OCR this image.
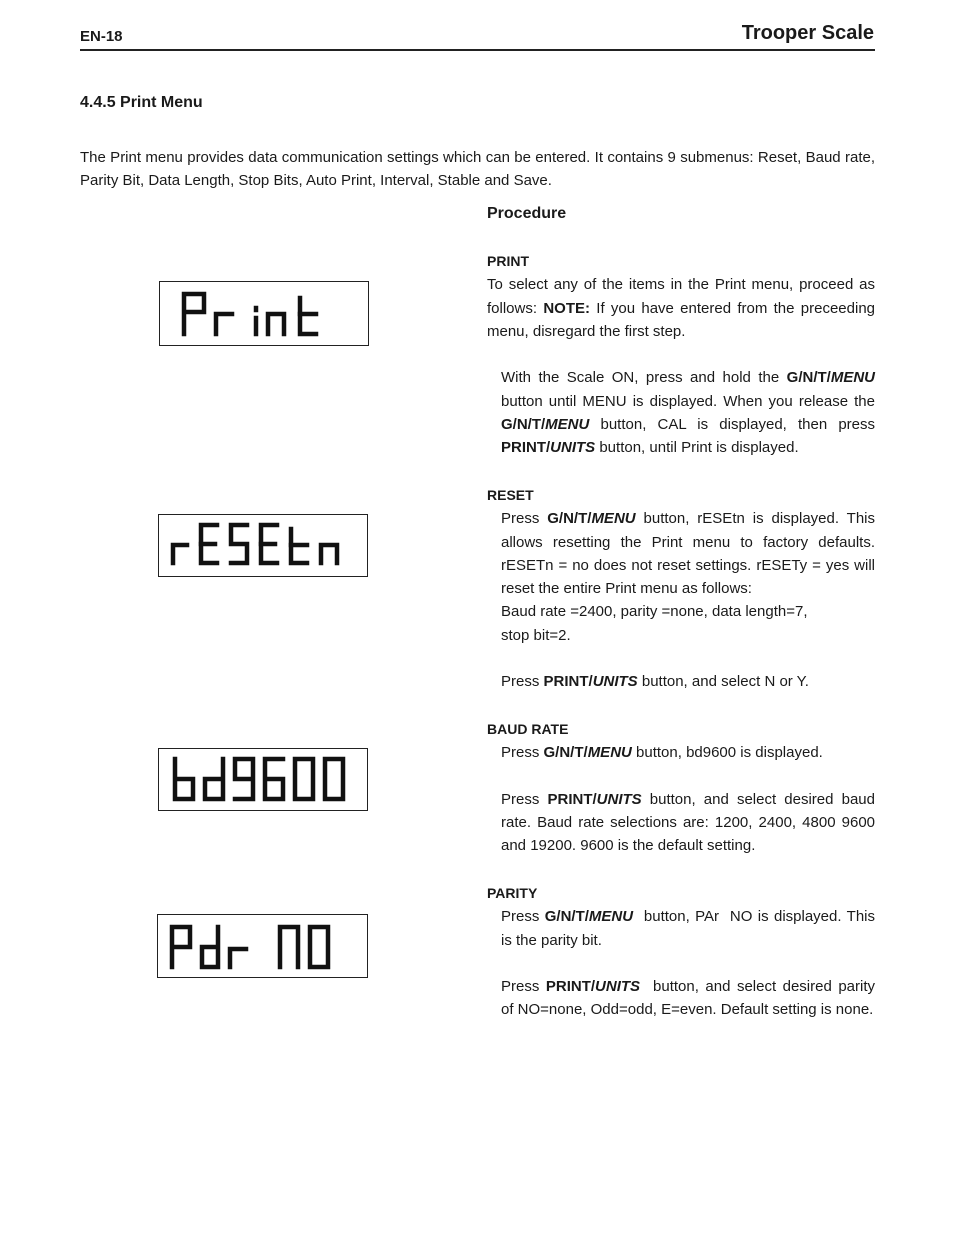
EN-18	Trooper Scale
4.4.5 Print Menu

The Print menu provides data communication settings which can be entered. It contains 9 submenus: Reset, Baud rate, Parity Bit, Data Length, Stop Bits, Auto Print, Interval, Stable and Save.

Procedure
PRINT

To select any of the items in the Print menu, proceed as follows: NOTE: If you have entered from the preceeding menu, disregard the first step.

With the Scale ON, press and hold the G/N/T/MENU button until MENU is displayed. When you release the G/N/T/MENU button, CAL is displayed, then press PRINT/UNITS button, until Print is displayed.

RESET

Press G/N/T/MENU button, rESEtn is displayed. This allows resetting the Print menu to factory defaults. rESETn = no does not reset settings. rESETy = yes will reset the entire Print menu as follows:

Baud rate =2400, parity =none, data length=7,

stop bit=2.

Press PRINT/UNITS button, and select N or Y.

BAUD RATE

Press G/N/T/MENU button, bd9600 is displayed.

Press PRINT/UNITS button, and select desired baud rate. Baud rate selections are: 1200, 2400, 4800 9600 and 19200. 9600 is the default setting.

PARITY

Press G/N/T/MENU  button, PAr  NO is displayed. This is the parity bit.

Press PRINT/UNITS  button, and select desired parity of NO=none, Odd=odd, E=even. Default setting is none.
